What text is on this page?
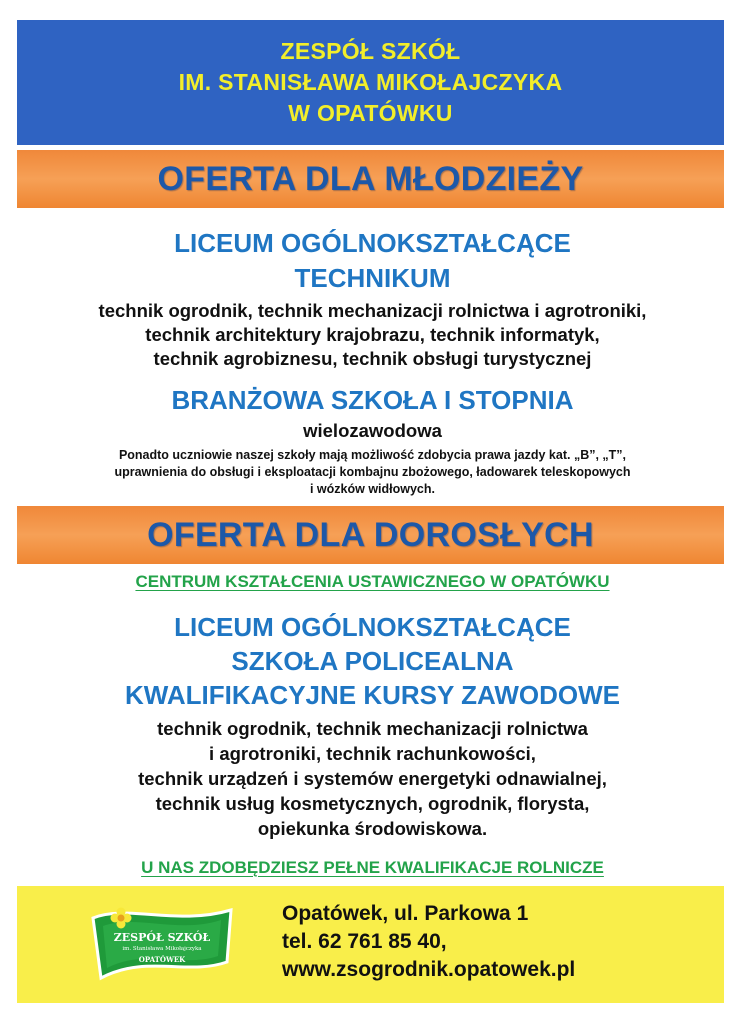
ZESPÓŁ SZKÓŁ
IM. STANISŁAWA MIKOŁAJCZYKA
W OPATÓWKU
OFERTA DLA MŁODZIEŻY
LICEUM OGÓLNOKSZTAŁCĄCE
TECHNIKUM
technik ogrodnik, technik mechanizacji rolnictwa i agrotroniki,
technik architektury krajobrazu, technik informatyk,
technik agrobiznesu, technik obsługi turystycznej
BRANŻOWA SZKOŁA I STOPNIA
wielozawodowa
Ponadto uczniowie naszej szkoły mają możliwość zdobycia prawa jazdy kat. „B”, „T”,
uprawnienia do obsługi i eksploatacji kombajnu zbożowego, ładowarek teleskopowych
i wózków widłowych.
OFERTA DLA DOROSŁYCH
CENTRUM KSZTAŁCENIA USTAWICZNEGO W OPATÓWKU
LICEUM OGÓLNOKSZTAŁCĄCE
SZKOŁA POLICEALNA
KWALIFIKACYJNE KURSY ZAWODOWE
technik ogrodnik, technik mechanizacji rolnictwa
i agrotroniki, technik rachunkowości,
technik urządzeń i systemów energetyki odnawialnej,
technik usług kosmetycznych, ogrodnik, florysta,
opiekunka środowiskowa.
U NAS ZDOBĘDZIESZ PEŁNE KWALIFIKACJE ROLNICZE
ZESPÓŁ SZKÓŁ
im. Stanisława Mikołajczyka
OPATÓWEK
Opatówek, ul. Parkowa 1
tel. 62 761 85 40,
www.zsogrodnik.opatowek.pl
